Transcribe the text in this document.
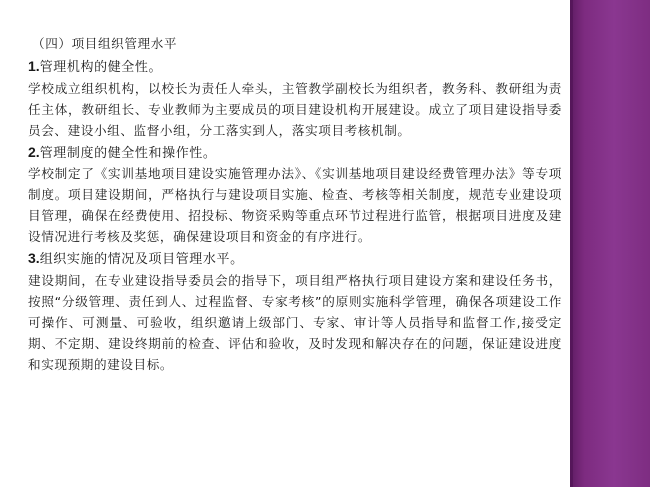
（四）项目组织管理水平
1.管理机构的健全性。
学校成立组织机构，以校长为责任人牵头，主管教学副校长为组织者，教务科、教研组为责任主体，教研组长、专业教师为主要成员的项目建设机构开展建设。成立了项目建设指导委员会、建设小组、监督小组，分工落实到人，落实项目考核机制。
2.管理制度的健全性和操作性。
学校制定了《实训基地项目建设实施管理办法》、《实训基地项目建设经费管理办法》等专项制度。项目建设期间，严格执行与建设项目实施、检查、考核等相关制度，规范专业建设项目管理，确保在经费使用、招投标、物资采购等重点环节过程进行监管，根据项目进度及建设情况进行考核及奖惩，确保建设项目和资金的有序进行。
3.组织实施的情况及项目管理水平。
建设期间，在专业建设指导委员会的指导下，项目组严格执行项目建设方案和建设任务书，按照“分级管理、责任到人、过程监督、专家考核”的原则实施科学管理，确保各项建设工作可操作、可测量、可验收，组织邀请上级部门、专家、审计等人员指导和监督工作,接受定期、不定期、建设终期前的检查、评估和验收，及时发现和解决存在的问题，保证建设进度和实现预期的建设目标。
